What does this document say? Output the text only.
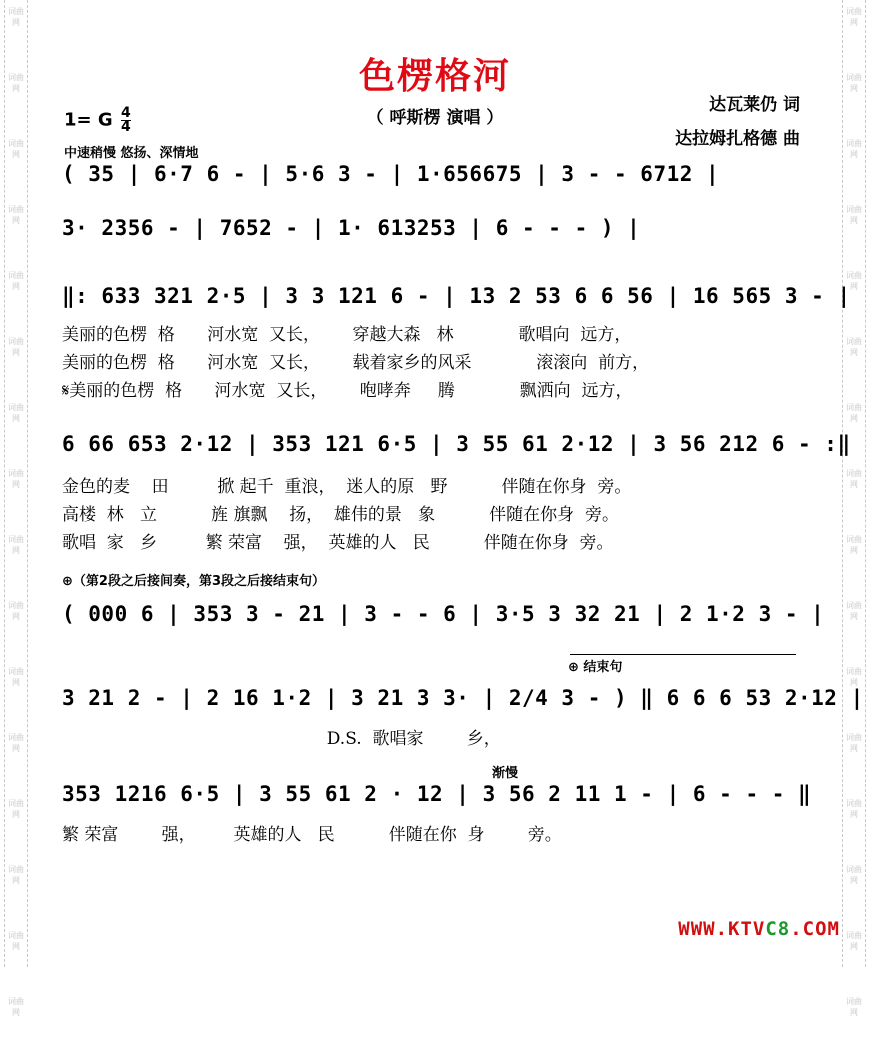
词曲网
词曲网
词曲网
词曲网
词曲网
词曲网
词曲网
词曲网
词曲网
词曲网
词曲网
词曲网
词曲网
词曲网
词曲网
词曲网
词曲网
词曲网
词曲网
词曲网
词曲网
词曲网
词曲网
词曲网
词曲网
词曲网
词曲网
词曲网
词曲网
词曲网
词曲网
词曲网
色楞格河
（ 呼斯楞 演唱 ）
达瓦莱仍 词
达拉姆扎格德 曲
1= G $\frac{4}{4}$
中速稍慢 悠扬、深情地
( 35 | 6·7 6 - | 5·6 3 - | 1·656675 | 3 - - 6712 |
3· 2356 - | 7652 - | 1· 613253 | 6 - - - ) |
‖: 633 321 2·5 | 3 3 121 6 - | 13 2 53 6 6 56 | 16 565 3 - |
美丽的色楞  格      河水宽  又长，      穿越大森   林            歌唱向  远方，
美丽的色楞  格      河水宽  又长，      载着家乡的风采            滚滚向  前方，
𝄋美丽的色楞  格      河水宽  又长，      咆哮奔     腾            飘洒向  远方，
6 66 653 2·12 | 353 121 6·5 | 3 55 61 2·12 | 3 56 212 6 - :‖
金色的麦    田         掀 起千  重浪，  迷人的原   野          伴随在你身  旁。
高楼  林   立          旌 旗飘    扬，  雄伟的景   象          伴随在你身  旁。
歌唱  家   乡         繁 荣富    强，  英雄的人   民          伴随在你身  旁。
⊕（第2段之后接间奏，第3段之后接结束句）
( 000 6 | 353 3 - 21 | 3 - - 6 | 3·5 3 32 21 | 2 1·2 3 - |
⊕ 结束句
3 21 2 - | 2 16 1·2 | 3 21 3 3· | 2/4 3 - ) ‖ 6 6 6 53 2·12 |
D.S.  歌唱家        乡，
渐慢
353 1216 6·5 | 3 55 61 2 · 12 | 3 56 2 11 1 - | 6 - - - ‖
繁 荣富        强，       英雄的人   民          伴随在你  身        旁。
WWW.KTVC8.COM
